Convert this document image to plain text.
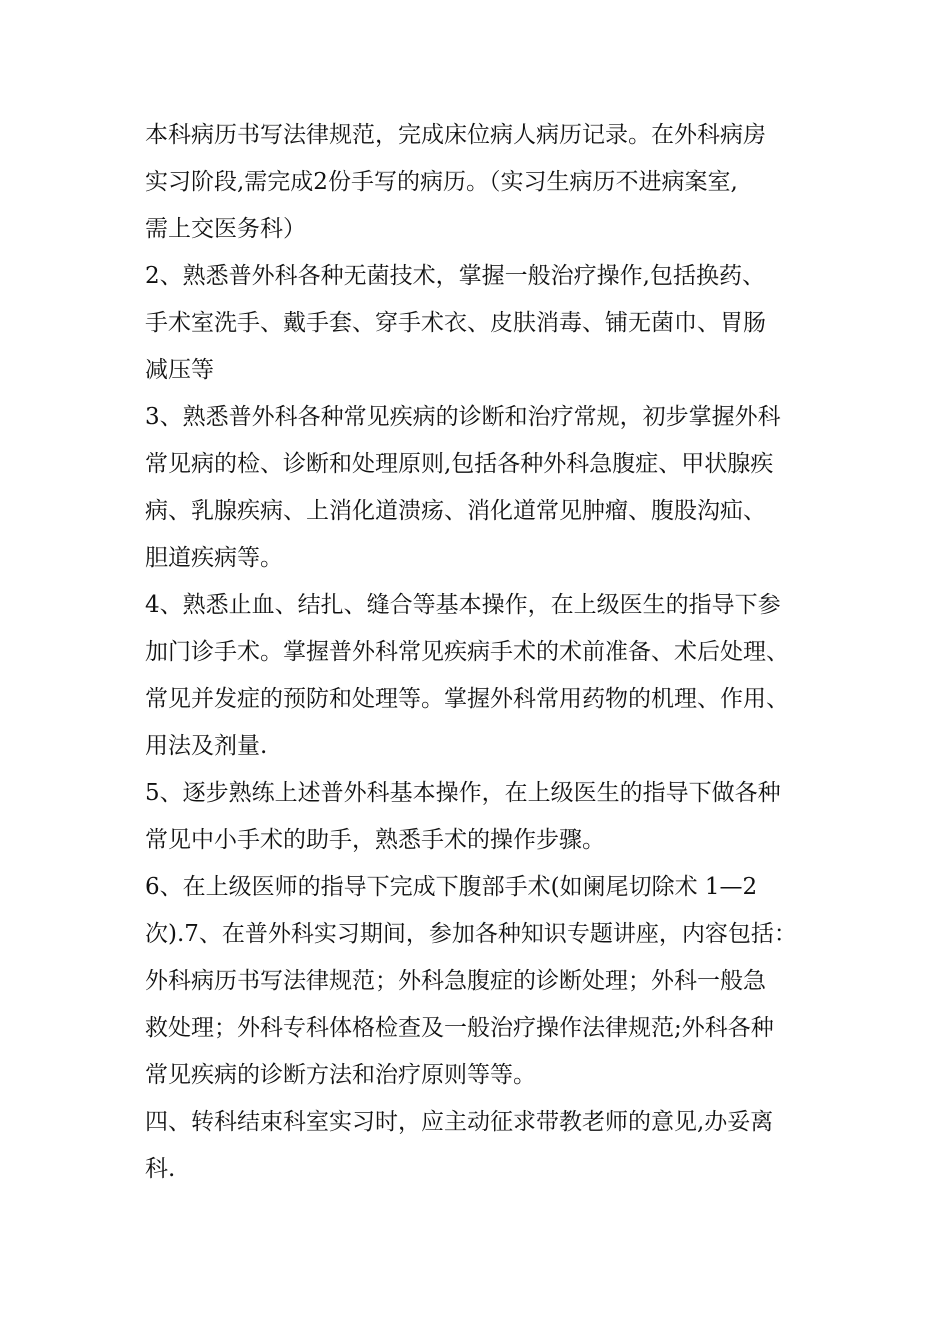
本科病历书写法律规范，完成床位病人病历记录。在外科病房
实习阶段,需完成2份手写的病历。（实习生病历不进病案室,
需上交医务科）
2、熟悉普外科各种无菌技术，掌握一般治疗操作,包括换药、
手术室洗手、戴手套、穿手术衣、皮肤消毒、铺无菌巾、胃肠
减压等
3、熟悉普外科各种常见疾病的诊断和治疗常规，初步掌握外科
常见病的检、诊断和处理原则,包括各种外科急腹症、甲状腺疾
病、乳腺疾病、上消化道溃疡、消化道常见肿瘤、腹股沟疝、
胆道疾病等。
4、熟悉止血、结扎、缝合等基本操作，在上级医生的指导下参
加门诊手术。掌握普外科常见疾病手术的术前准备、术后处理、
常见并发症的预防和处理等。掌握外科常用药物的机理、作用、
用法及剂量.
5、逐步熟练上述普外科基本操作，在上级医生的指导下做各种
常见中小手术的助手，熟悉手术的操作步骤。
6、在上级医师的指导下完成下腹部手术(如阑尾切除术 1—2
次).7、在普外科实习期间，参加各种知识专题讲座，内容包括：
外科病历书写法律规范；外科急腹症的诊断处理；外科一般急
救处理；外科专科体格检查及一般治疗操作法律规范;外科各种
常见疾病的诊断方法和治疗原则等等。
四、转科结束科室实习时，应主动征求带教老师的意见,办妥离
科.
